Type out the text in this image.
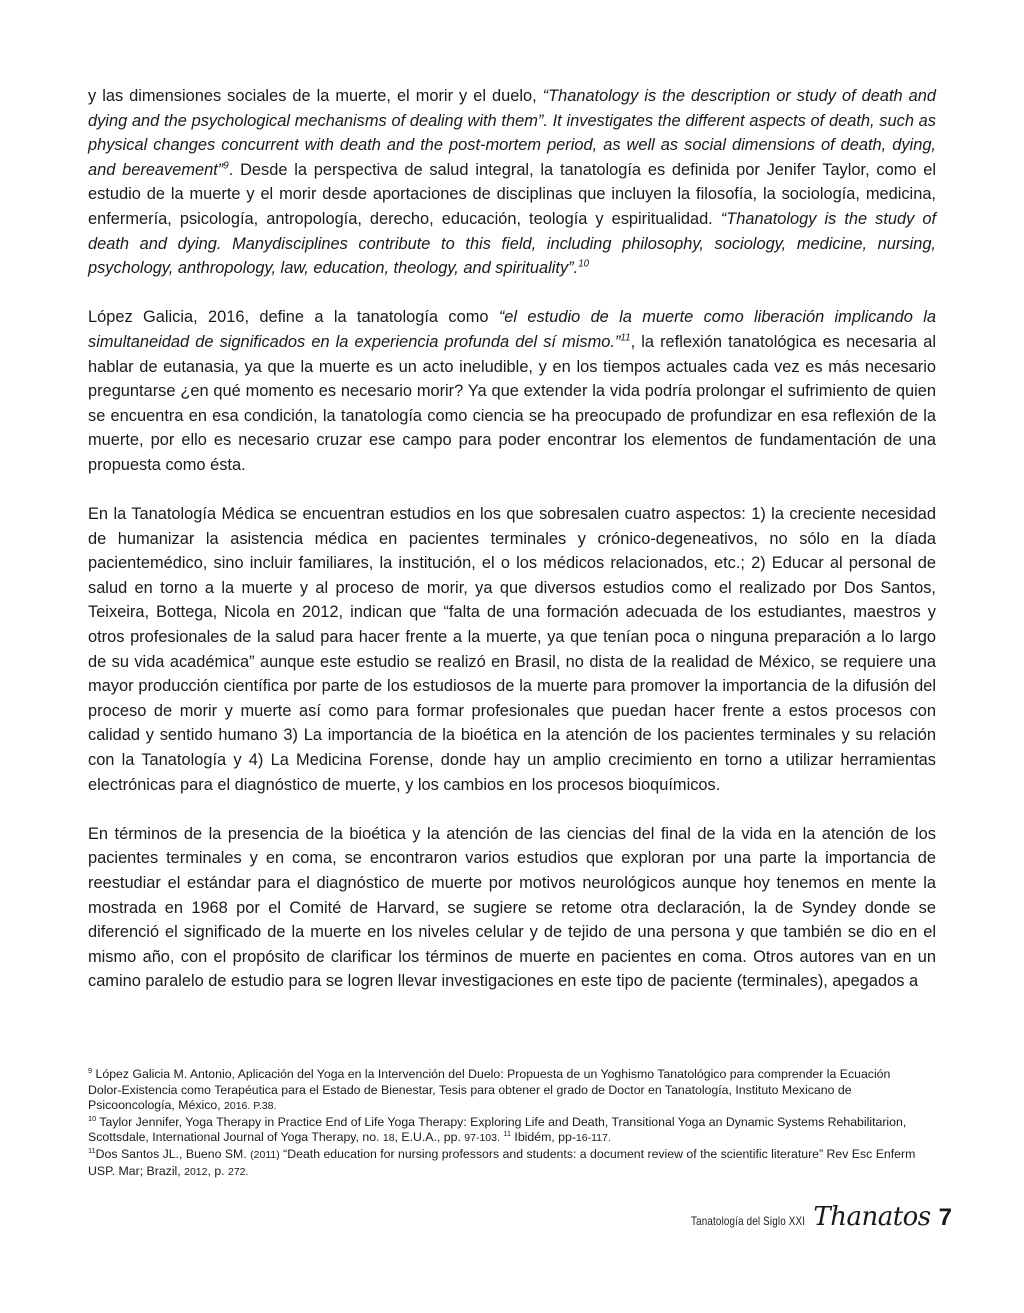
y las dimensiones sociales de la muerte, el morir y el duelo, “Thanatology is the description or study of death and dying and the psychological mechanisms of dealing with them”. It investigates the different aspects of death, such as physical changes concurrent with death and the post-mortem period, as well as social dimensions of death, dying, and bereavement”$^9$. Desde la perspectiva de salud integral, la tanatología es definida por Jenifer Taylor, como el estudio de la muerte y el morir desde aportaciones de disciplinas que incluyen la filosofía, la sociología, medicina, enfermería, psicología, antropología, derecho, educación, teología y espiritualidad. “Thanatology is the study of death and dying. Manydisciplines contribute to this field, including philosophy, sociology, medicine, nursing, psychology, anthropology, law, education, theology, and spirituality”.$^{10}$

López Galicia, 2016, define a la tanatología como “el estudio de la muerte como liberación implicando la simultaneidad de significados en la experiencia profunda del sí mismo.”$^{11}$, la reflexión tanatológica es necesaria al hablar de eutanasia, ya que la muerte es un acto ineludible, y en los tiempos actuales cada vez es más necesario preguntarse ¿en qué momento es necesario morir? Ya que extender la vida podría prolongar el sufrimiento de quien se encuentra en esa condición, la tanatología como ciencia se ha preocupado de profundizar en esa reflexión de la muerte, por ello es necesario cruzar ese campo para poder encontrar los elementos de fundamentación de una propuesta como ésta.

En la Tanatología Médica se encuentran estudios en los que sobresalen cuatro aspectos: 1) la creciente necesidad de humanizar la asistencia médica en pacientes terminales y crónico-degeneativos, no sólo en la díada pacientemédico, sino incluir familiares, la institución, el o los médicos relacionados, etc.; 2) Educar al personal de salud en torno a la muerte y al proceso de morir, ya que diversos estudios como el realizado por Dos Santos, Teixeira, Bottega, Nicola en 2012, indican que “falta de una formación adecuada de los estudiantes, maestros y otros profesionales de la salud para hacer frente a la muerte, ya que tenían poca o ninguna preparación a lo largo de su vida académica” aunque este estudio se realizó en Brasil, no dista de la realidad de México, se requiere una mayor producción científica por parte de los estudiosos de la muerte para promover la importancia de la difusión del proceso de morir y muerte así como para formar profesionales que puedan hacer frente a estos procesos con calidad y sentido humano 3) La importancia de la bioética en la atención de los pacientes terminales y su relación con la Tanatología y 4) La Medicina Forense, donde hay un amplio crecimiento en torno a utilizar herramientas electrónicas para el diagnóstico de muerte, y los cambios en los procesos bioquímicos.

En términos de la presencia de la bioética y la atención de las ciencias del final de la vida en la atención de los pacientes terminales y en coma, se encontraron varios estudios que exploran por una parte la importancia de reestudiar el estándar para el diagnóstico de muerte por motivos neurológicos aunque hoy tenemos en mente la mostrada en 1968 por el Comité de Harvard, se sugiere se retome otra declaración, la de Syndey donde se diferenció el significado de la muerte en los niveles celular y de tejido de una persona y que también se dio en el mismo año, con el propósito de clarificar los términos de muerte en pacientes en coma. Otros autores van en un camino paralelo de estudio para se logren llevar investigaciones en este tipo de paciente (terminales), apegados a

$^9$ López Galicia M. Antonio, Aplicación del Yoga en la Intervención del Duelo: Propuesta de un Yoghismo Tanatológico para comprender la Ecuación Dolor-Existencia como Terapéutica para el Estado de Bienestar, Tesis para obtener el grado de Doctor en Tanatología, Instituto Mexicano de Psicooncología, México, 2016. P.38.

$^{10}$ Taylor Jennifer, Yoga Therapy in Practice End of Life Yoga Therapy: Exploring Life and Death, Transitional Yoga an Dynamic Systems Rehabilitarion, Scottsdale, International Journal of Yoga Therapy, no. 18, E.U.A., pp. 97-103. $^{11}$ Ibidém, pp-16-117.

$^{11}$Dos Santos JL., Bueno SM. (2011) “Death education for nursing professors and students: a document review of the scientific literature” Rev Esc Enferm USP. Mar; Brazil, 2012, p. 272.

Tanatología del Siglo XXI Thanatos 7
